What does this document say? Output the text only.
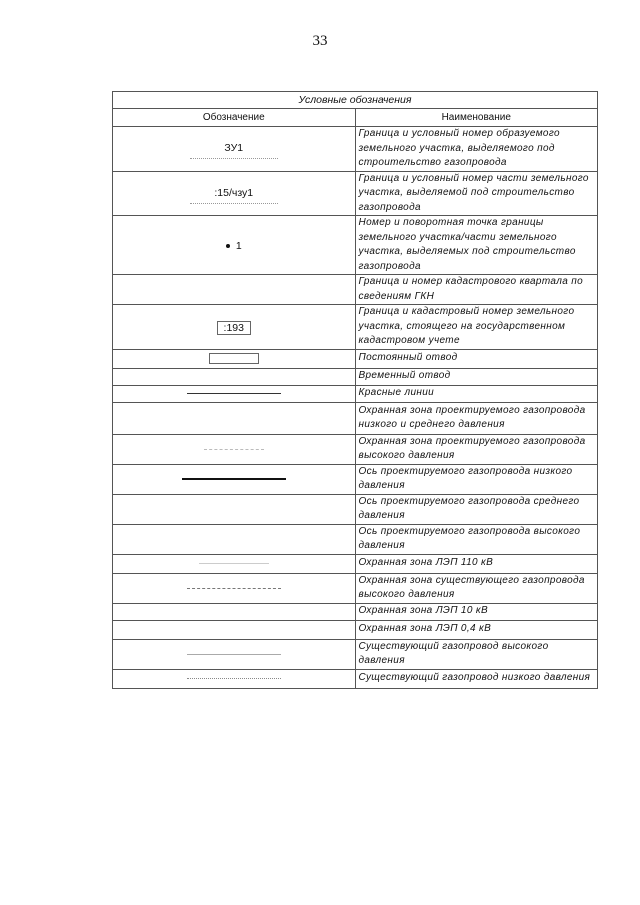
33
Условные обозначения	
Обозначение	Наименование
ЗУ1	Граница и условный номер образуемого земельного участка, выделяемого под строительство газопровода
:15/чзу1	Граница и условный номер части земельного участка, выделяемой под строительство газопровода
1	Номер и поворотная точка границы земельного участка/части земельного участка, выделяемых под строительство газопровода
	Граница и номер кадастрового квартала по сведениям ГКН
:193	Граница и кадастровый номер земельного участка, стоящего на государственном кадастровом учете
	Постоянный отвод
	Временный отвод

	Красные линии
	Охранная зона проектируемого газопровода низкого и среднего давления

	Охранная зона проектируемого газопровода высокого давления

	Ось проектируемого газопровода низкого давления
	Ось проектируемого газопровода среднего давления
	Ось проектируемого газопровода высокого давления

	Охранная зона ЛЭП 110 кВ

	Охранная зона существующего газопровода высокого давления
	Охранная зона ЛЭП 10 кВ
	Охранная зона ЛЭП 0,4 кВ

	Существующий газопровод высокого давления

	Существующий газопровод низкого давления
